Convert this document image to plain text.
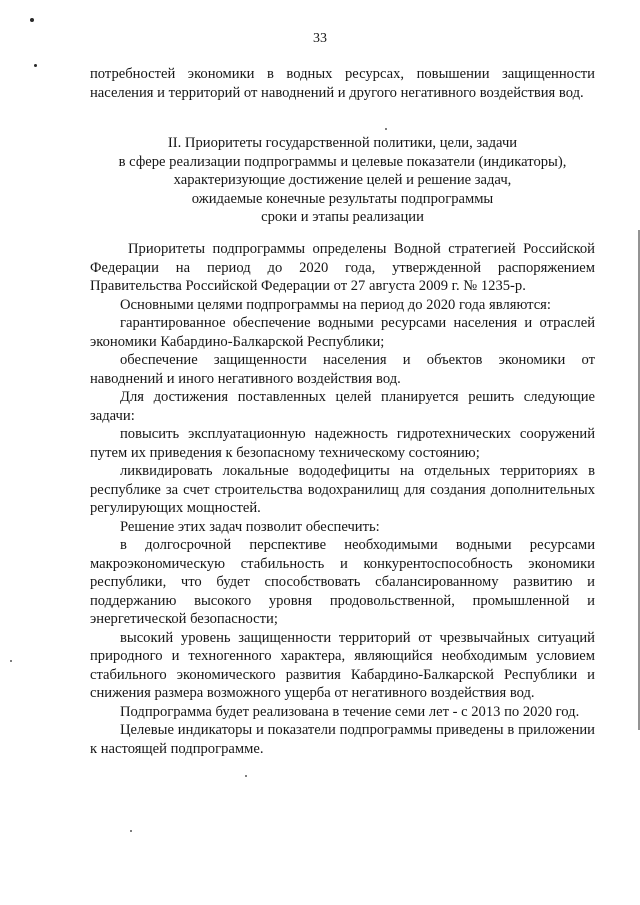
33

потребностей экономики в водных ресурсах, повышении защищенности населения и территорий от наводнений и другого негативного воздействия вод.

II. Приоритеты государственной политики, цели, задачи
в сфере реализации подпрограммы и целевые показатели (индикаторы),
характеризующие достижение целей и решение задач,
ожидаемые конечные результаты подпрограммы
сроки и этапы реализации

Приоритеты подпрограммы определены Водной стратегией Российской Федерации на период до 2020 года, утвержденной распоряжением Правительства Российской Федерации от 27 августа 2009 г. № 1235-р.

Основными целями подпрограммы на период до 2020 года являются:

гарантированное обеспечение водными ресурсами населения и отраслей экономики Кабардино-Балкарской Республики;

обеспечение защищенности населения и объектов экономики от наводнений и иного негативного воздействия вод.

Для достижения поставленных целей планируется решить следующие задачи:

повысить эксплуатационную надежность гидротехнических сооружений путем их приведения к безопасному техническому состоянию;

ликвидировать локальные вододефициты на отдельных территориях в республике за счет строительства водохранилищ для создания дополнительных регулирующих мощностей.

Решение этих задач позволит обеспечить:

в долгосрочной перспективе необходимыми водными ресурсами макроэкономическую стабильность и конкурентоспособность экономики республики, что будет способствовать сбалансированному развитию и поддержанию высокого уровня продовольственной, промышленной и энергетической безопасности;

высокий уровень защищенности территорий от чрезвычайных ситуаций природного и техногенного характера, являющийся необходимым условием стабильного экономического развития Кабардино-Балкарской Республики и снижения размера возможного ущерба от негативного воздействия вод.

Подпрограмма будет реализована в течение семи лет - с 2013 по 2020 год.

Целевые индикаторы и показатели подпрограммы приведены в приложении к настоящей подпрограмме.
